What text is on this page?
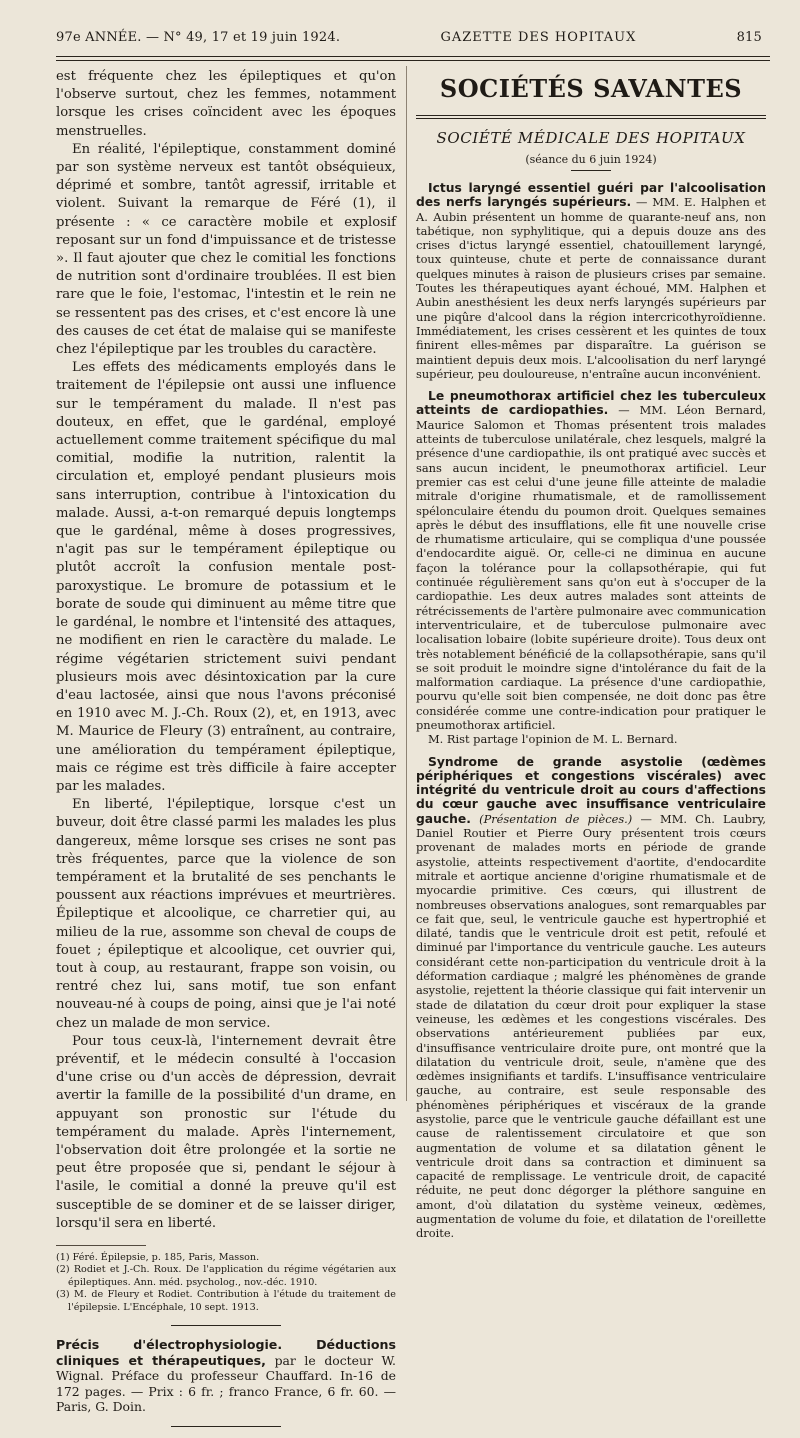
97e ANNÉE. — N° 49, 17 et 19 juin 1924.	GAZETTE DES HOPITAUX	815

est fréquente chez les épileptiques et qu'on l'observe surtout, chez les femmes, notamment lorsque les crises coïncident avec les époques menstruelles.

En réalité, l'épileptique, constamment dominé par son système nerveux est tantôt obséquieux, déprimé et sombre, tantôt agressif, irritable et violent. Suivant la remarque de Féré (1), il présente : « ce caractère mobile et explosif reposant sur un fond d'impuissance et de tristesse ». Il faut ajouter que chez le comitial les fonctions de nutrition sont d'ordinaire troublées. Il est bien rare que le foie, l'estomac, l'intestin et le rein ne se ressentent pas des crises, et c'est encore là une des causes de cet état de malaise qui se manifeste chez l'épileptique par les troubles du caractère.

Les effets des médicaments employés dans le traitement de l'épilepsie ont aussi une influence sur le tempérament du malade. Il n'est pas douteux, en effet, que le gardénal, employé actuellement comme traitement spécifique du mal comitial, modifie la nutrition, ralentit la circulation et, employé pendant plusieurs mois sans interruption, contribue à l'intoxication du malade. Aussi, a-t-on remarqué depuis longtemps que le gardénal, même à doses progressives, n'agit pas sur le tempérament épileptique ou plutôt accroît la confusion mentale post-paroxystique. Le bromure de potassium et le borate de soude qui diminuent au même titre que le gardénal, le nombre et l'intensité des attaques, ne modifient en rien le caractère du malade. Le régime végétarien strictement suivi pendant plusieurs mois avec désintoxication par la cure d'eau lactosée, ainsi que nous l'avons préconisé en 1910 avec M. J.-Ch. Roux (2), et, en 1913, avec M. Maurice de Fleury (3) entraînent, au contraire, une amélioration du tempérament épileptique, mais ce régime est très difficile à faire accepter par les malades.

En liberté, l'épileptique, lorsque c'est un buveur, doit être classé parmi les malades les plus dangereux, même lorsque ses crises ne sont pas très fréquentes, parce que la violence de son tempérament et la brutalité de ses penchants le poussent aux réactions imprévues et meurtrières. Épileptique et alcoolique, ce charretier qui, au milieu de la rue, assomme son cheval de coups de fouet ; épileptique et alcoolique, cet ouvrier qui, tout à coup, au restaurant, frappe son voisin, ou rentré chez lui, sans motif, tue son enfant nouveau-né à coups de poing, ainsi que je l'ai noté chez un malade de mon service.

Pour tous ceux-là, l'internement devrait être préventif, et le médecin consulté à l'occasion d'une crise ou d'un accès de dépression, devrait avertir la famille de la possibilité d'un drame, en appuyant son pronostic sur l'étude du tempérament du malade. Après l'internement, l'observation doit être prolongée et la sortie ne peut être proposée que si, pendant le séjour à l'asile, le comitial a donné la preuve qu'il est susceptible de se dominer et de se laisser diriger, lorsqu'il sera en liberté.

(1) Féré. Épilepsie, p. 185, Paris, Masson.

(2) Rodiet et J.-Ch. Roux. De l'application du régime végétarien aux épileptiques. Ann. méd. psycholog., nov.-déc. 1910.

(3) M. de Fleury et Rodiet. Contribution à l'étude du traitement de l'épilepsie. L'Encéphale, 10 sept. 1913.

Précis d'électrophysiologie. Déductions cliniques et thérapeutiques, par le docteur W. Wignal. Préface du professeur Chauffard. In-16 de 172 pages. — Prix : 6 fr. ; franco France, 6 fr. 60. — Paris, G. Doin.

SOCIÉTÉS SAVANTES
SOCIÉTÉ MÉDICALE DES HOPITAUX
(séance du 6 juin 1924)

Ictus laryngé essentiel guéri par l'alcoolisation des nerfs laryngés supérieurs. — MM. E. Halphen et A. Aubin présentent un homme de quarante-neuf ans, non tabétique, non syphylitique, qui a depuis douze ans des crises d'ictus laryngé essentiel, chatouillement laryngé, toux quinteuse, chute et perte de connaissance durant quelques minutes à raison de plusieurs crises par semaine. Toutes les thérapeutiques ayant échoué, MM. Halphen et Aubin anesthésient les deux nerfs laryngés supérieurs par une piqûre d'alcool dans la région intercricothyroïdienne. Immédiatement, les crises cessèrent et les quintes de toux finirent elles-mêmes par disparaître. La guérison se maintient depuis deux mois. L'alcoolisation du nerf laryngé supérieur, peu douloureuse, n'entraîne aucun inconvénient.

Le pneumothorax artificiel chez les tuberculeux atteints de cardiopathies. — MM. Léon Bernard, Maurice Salomon et Thomas présentent trois malades atteints de tuberculose unilatérale, chez lesquels, malgré la présence d'une cardiopathie, ils ont pratiqué avec succès et sans aucun incident, le pneumothorax artificiel. Leur premier cas est celui d'une jeune fille atteinte de maladie mitrale d'origine rhumatismale, et de ramollissement spélonculaire étendu du poumon droit. Quelques semaines après le début des insufflations, elle fit une nouvelle crise de rhumatisme articulaire, qui se compliqua d'une poussée d'endocardite aiguë. Or, celle-ci ne diminua en aucune façon la tolérance pour la collapsothérapie, qui fut continuée régulièrement sans qu'on eut à s'occuper de la cardiopathie. Les deux autres malades sont atteints de rétrécissements de l'artère pulmonaire avec communication interventriculaire, et de tuberculose pulmonaire avec localisation lobaire (lobite supérieure droite). Tous deux ont très notablement bénéficié de la collapsothérapie, sans qu'il se soit produit le moindre signe d'intolérance du fait de la malformation cardiaque. La présence d'une cardiopathie, pourvu qu'elle soit bien compensée, ne doit donc pas être considérée comme une contre-indication pour pratiquer le pneumothorax artificiel.

M. Rist partage l'opinion de M. L. Bernard.

Syndrome de grande asystolie (œdèmes périphériques et congestions viscérales) avec intégrité du ventricule droit au cours d'affections du cœur gauche avec insuffisance ventriculaire gauche. (Présentation de pièces.) — MM. Ch. Laubry, Daniel Routier et Pierre Oury présentent trois cœurs provenant de malades morts en période de grande asystolie, atteints respectivement d'aortite, d'endocardite mitrale et aortique ancienne d'origine rhumatismale et de myocardie primitive. Ces cœurs, qui illustrent de nombreuses observations analogues, sont remarquables par ce fait que, seul, le ventricule gauche est hypertrophié et dilaté, tandis que le ventricule droit est petit, refoulé et diminué par l'importance du ventricule gauche. Les auteurs considérant cette non-participation du ventricule droit à la déformation cardiaque ; malgré les phénomènes de grande asystolie, rejettent la théorie classique qui fait intervenir un stade de dilatation du cœur droit pour expliquer la stase veineuse, les œdèmes et les congestions viscérales. Des observations antérieurement publiées par eux, d'insuffisance ventriculaire droite pure, ont montré que la dilatation du ventricule droit, seule, n'amène que des œdèmes insignifiants et tardifs. L'insuffisance ventriculaire gauche, au contraire, est seule responsable des phénomènes périphériques et viscéraux de la grande asystolie, parce que le ventricule gauche défaillant est une cause de ralentissement circulatoire et que son augmentation de volume et sa dilatation gênent le ventricule droit dans sa contraction et diminuent sa capacité de remplissage. Le ventricule droit, de capacité réduite, ne peut donc dégorger la pléthore sanguine en amont, d'où dilatation du système veineux, œdèmes, augmentation de volume du foie, et dilatation de l'oreillette droite.
